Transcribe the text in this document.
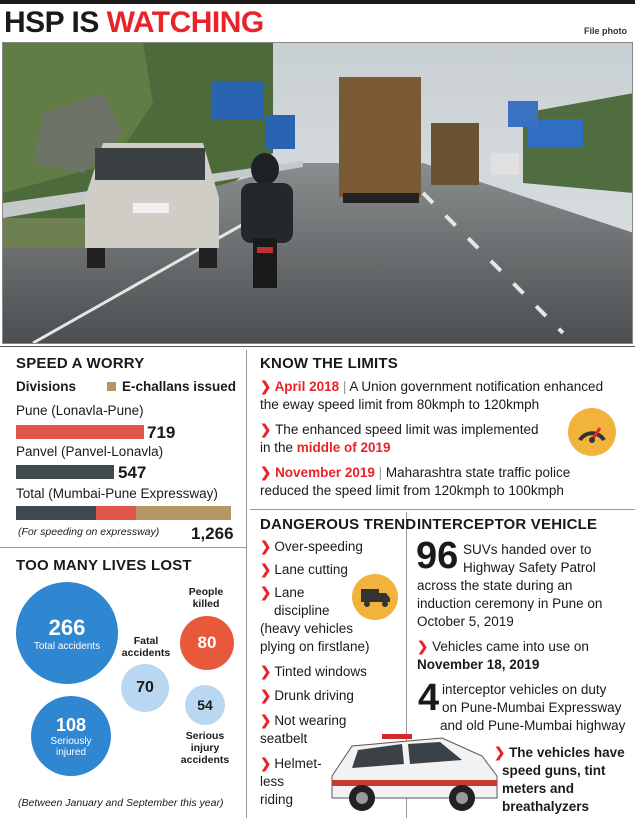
HSP IS WATCHING	File photo
SPEED A WORRY
Divisions	E-challans issued
Pune (Lonavla-Pune)
719
Panvel (Panvel-Lonavla)
547
Total (Mumbai-Pune Expressway)
(For speeding on expressway) 1,266
TOO MANY LIVES LOST
266
Total accidents
108
Seriously
injured
Fatal
accidents
70
People
killed
80
54
Serious
injury
accidents
(Between January and September this year)
KNOW THE LIMITS
❯ April 2018 | A Union government notification enhanced
the eway speed limit from 80kmph to 120kmph
❯ The enhanced speed limit was implemented
in the middle of 2019
❯ November 2019 | Maharashtra state traffic police
reduced the speed limit from 120kmph to 100kmph
DANGEROUS TREND
❯ Over-speeding
❯ Lane cutting
❯ Lane
discipline
(heavy vehicles
plying on firstlane)
❯ Tinted windows
❯ Drunk driving
❯ Not wearing
seatbelt
❯ Helmet-
less
riding
INTERCEPTOR VEHICLE
96 SUVs handed over to
Highway Safety Patrol
across the state during an
induction ceremony in Pune on
October 5, 2019
❯ Vehicles came into use on
November 18, 2019
4 interceptor vehicles on duty
on Pune-Mumbai Expressway
and old Pune-Mumbai highway
❯ The vehicles have
speed guns, tint
meters and
breathalyzers
